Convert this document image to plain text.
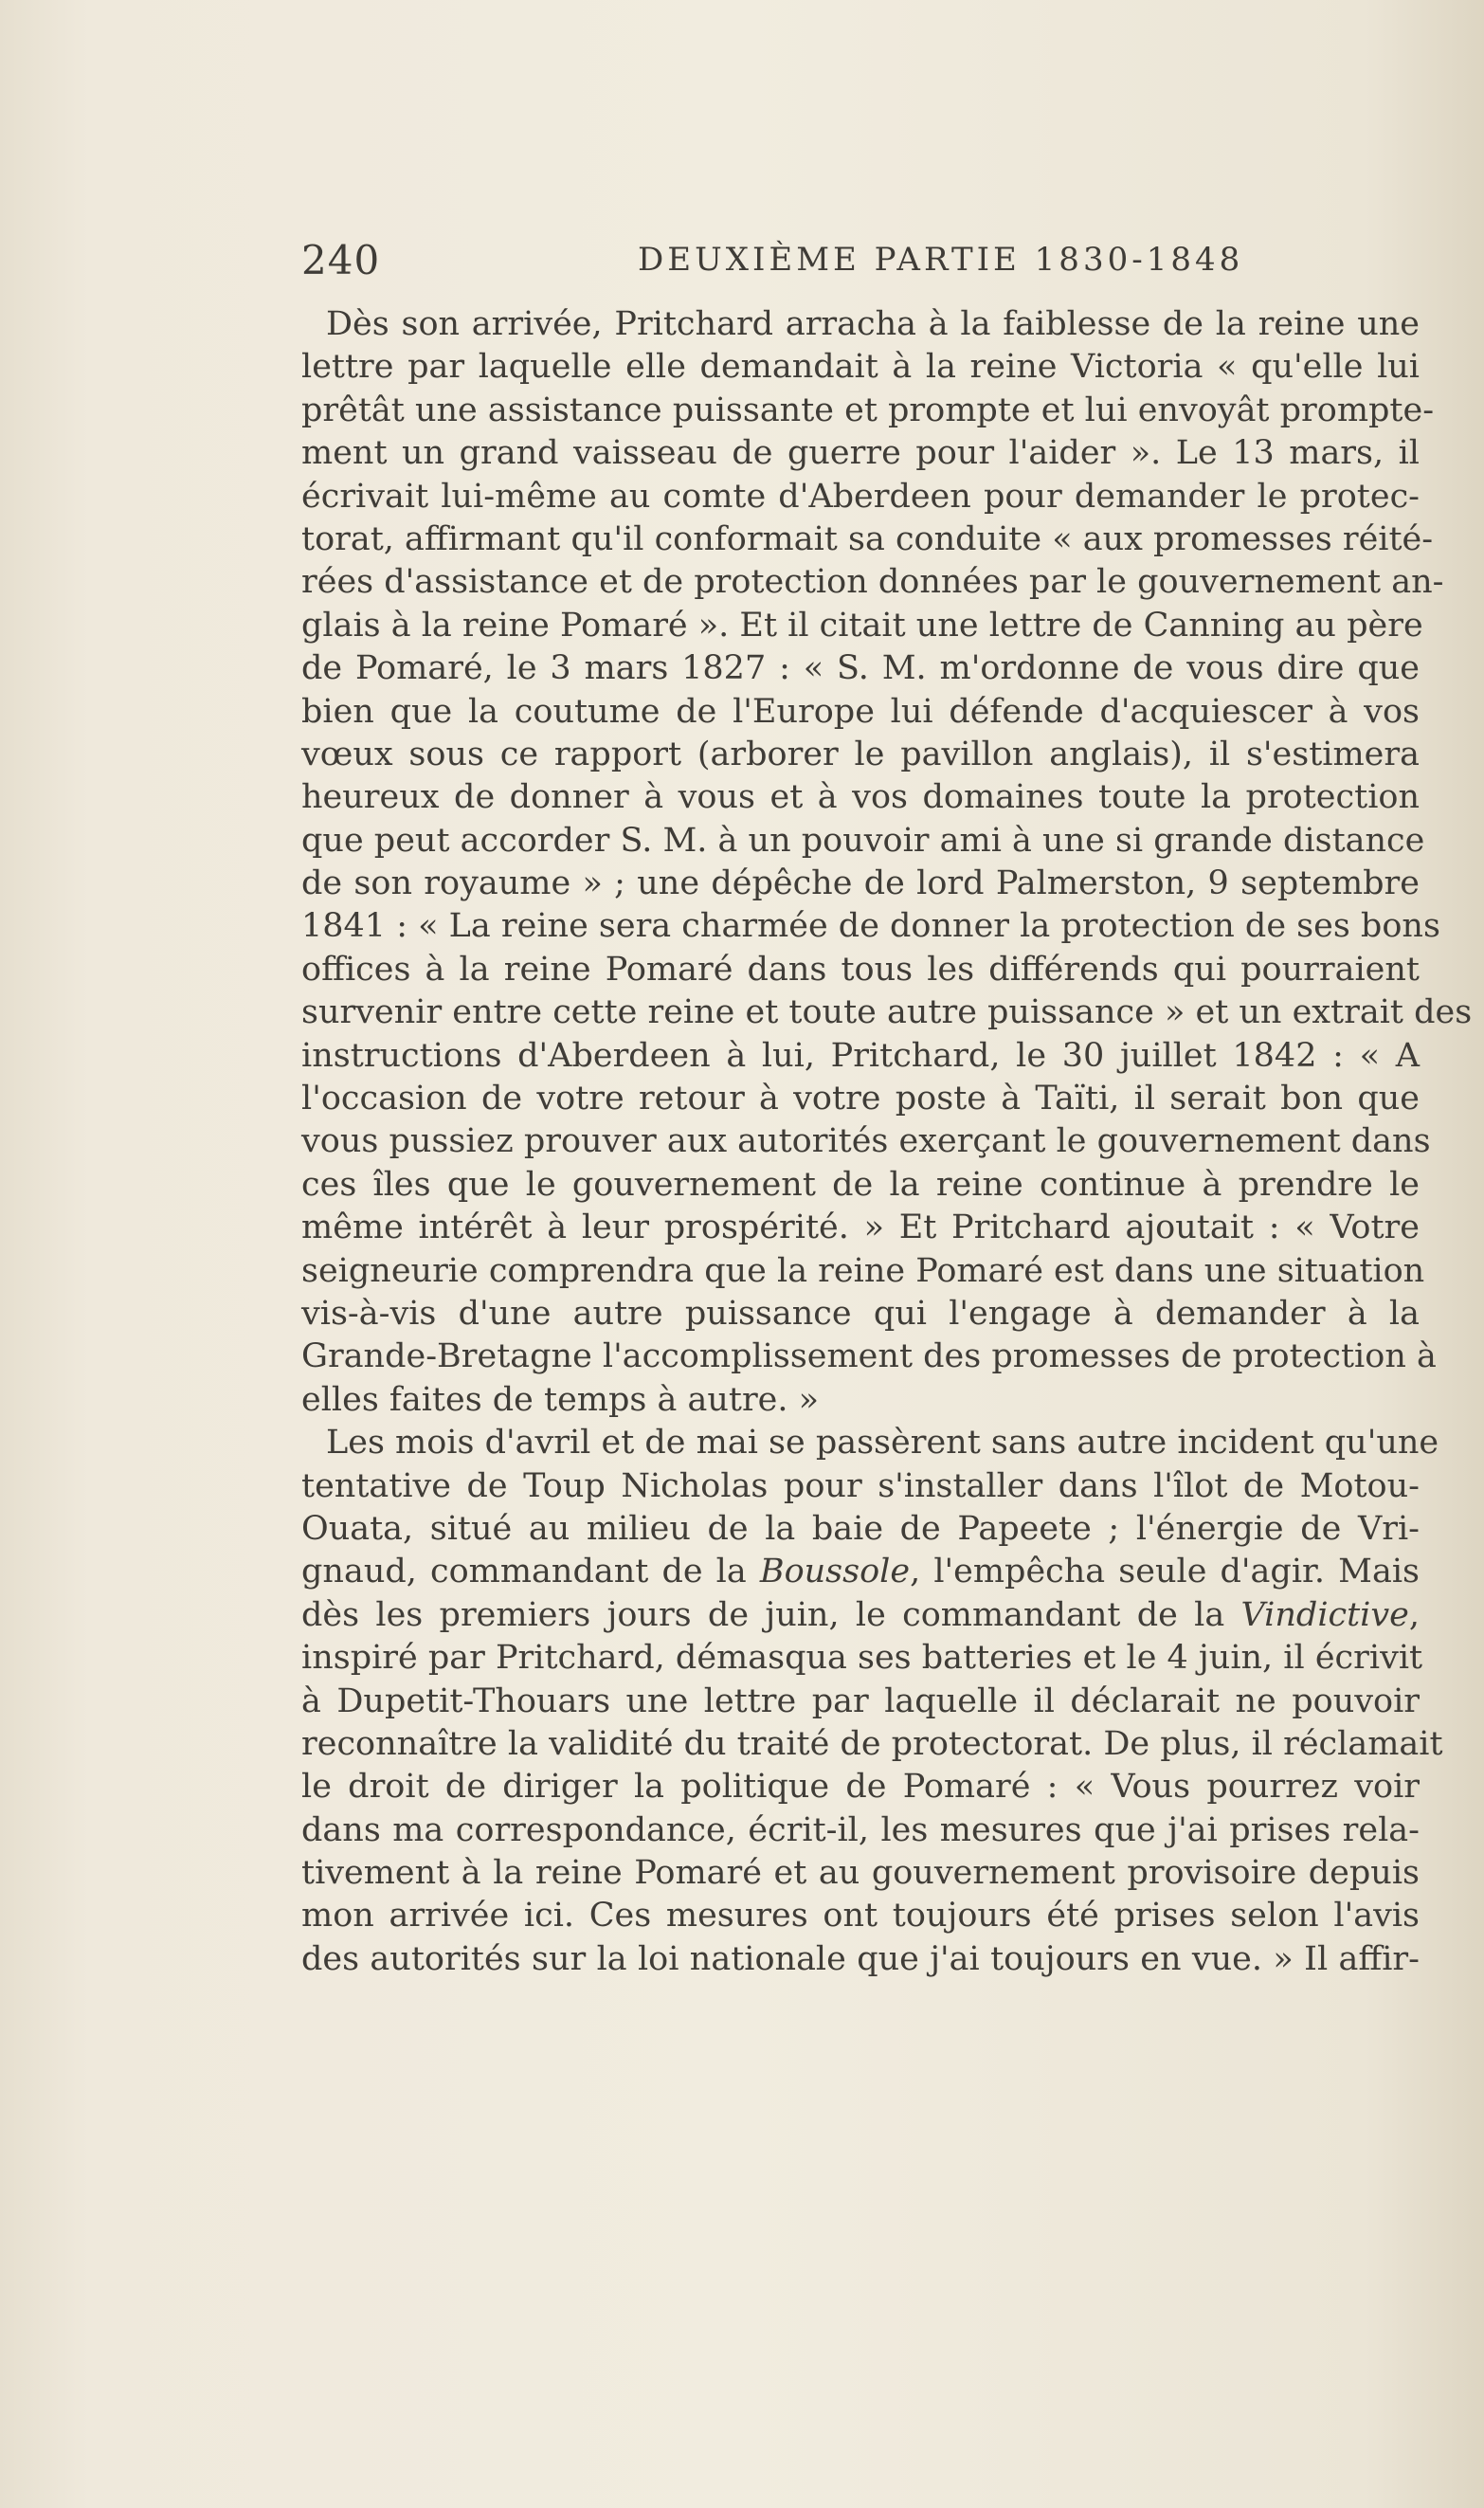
240	DEUXIÈME PARTIE 1830-1848
Dès son arrivée, Pritchard arracha à la faiblesse de la reine une
lettre par laquelle elle demandait à la reine Victoria « qu'elle lui
prêtât une assistance puissante et prompte et lui envoyât prompte-
ment un grand vaisseau de guerre pour l'aider ». Le 13 mars, il
écrivait lui-même au comte d'Aberdeen pour demander le protec-
torat, affirmant qu'il conformait sa conduite « aux promesses réité-
rées d'assistance et de protection données par le gouvernement an-
glais à la reine Pomaré ». Et il citait une lettre de Canning au père
de Pomaré, le 3 mars 1827 : « S. M. m'ordonne de vous dire que
bien que la coutume de l'Europe lui défende d'acquiescer à vos
vœux sous ce rapport (arborer le pavillon anglais), il s'estimera
heureux de donner à vous et à vos domaines toute la protection
que peut accorder S. M. à un pouvoir ami à une si grande distance
de son royaume » ; une dépêche de lord Palmerston, 9 septembre
1841 : « La reine sera charmée de donner la protection de ses bons
offices à la reine Pomaré dans tous les différends qui pourraient
survenir entre cette reine et toute autre puissance » et un extrait des
instructions d'Aberdeen à lui, Pritchard, le 30 juillet 1842 : « A
l'occasion de votre retour à votre poste à Taïti, il serait bon que
vous pussiez prouver aux autorités exerçant le gouvernement dans
ces îles que le gouvernement de la reine continue à prendre le
même intérêt à leur prospérité. » Et Pritchard ajoutait : « Votre
seigneurie comprendra que la reine Pomaré est dans une situation
vis-à-vis d'une autre puissance qui l'engage à demander à la
Grande-Bretagne l'accomplissement des promesses de protection à
elles faites de temps à autre. »
Les mois d'avril et de mai se passèrent sans autre incident qu'une
tentative de Toup Nicholas pour s'installer dans l'îlot de Motou-
Ouata, situé au milieu de la baie de Papeete ; l'énergie de Vri-
gnaud, commandant de la Boussole, l'empêcha seule d'agir. Mais
dès les premiers jours de juin, le commandant de la Vindictive,
inspiré par Pritchard, démasqua ses batteries et le 4 juin, il écrivit
à Dupetit-Thouars une lettre par laquelle il déclarait ne pouvoir
reconnaître la validité du traité de protectorat. De plus, il réclamait
le droit de diriger la politique de Pomaré : « Vous pourrez voir
dans ma correspondance, écrit-il, les mesures que j'ai prises rela-
tivement à la reine Pomaré et au gouvernement provisoire depuis
mon arrivée ici. Ces mesures ont toujours été prises selon l'avis
des autorités sur la loi nationale que j'ai toujours en vue. » Il affir-
